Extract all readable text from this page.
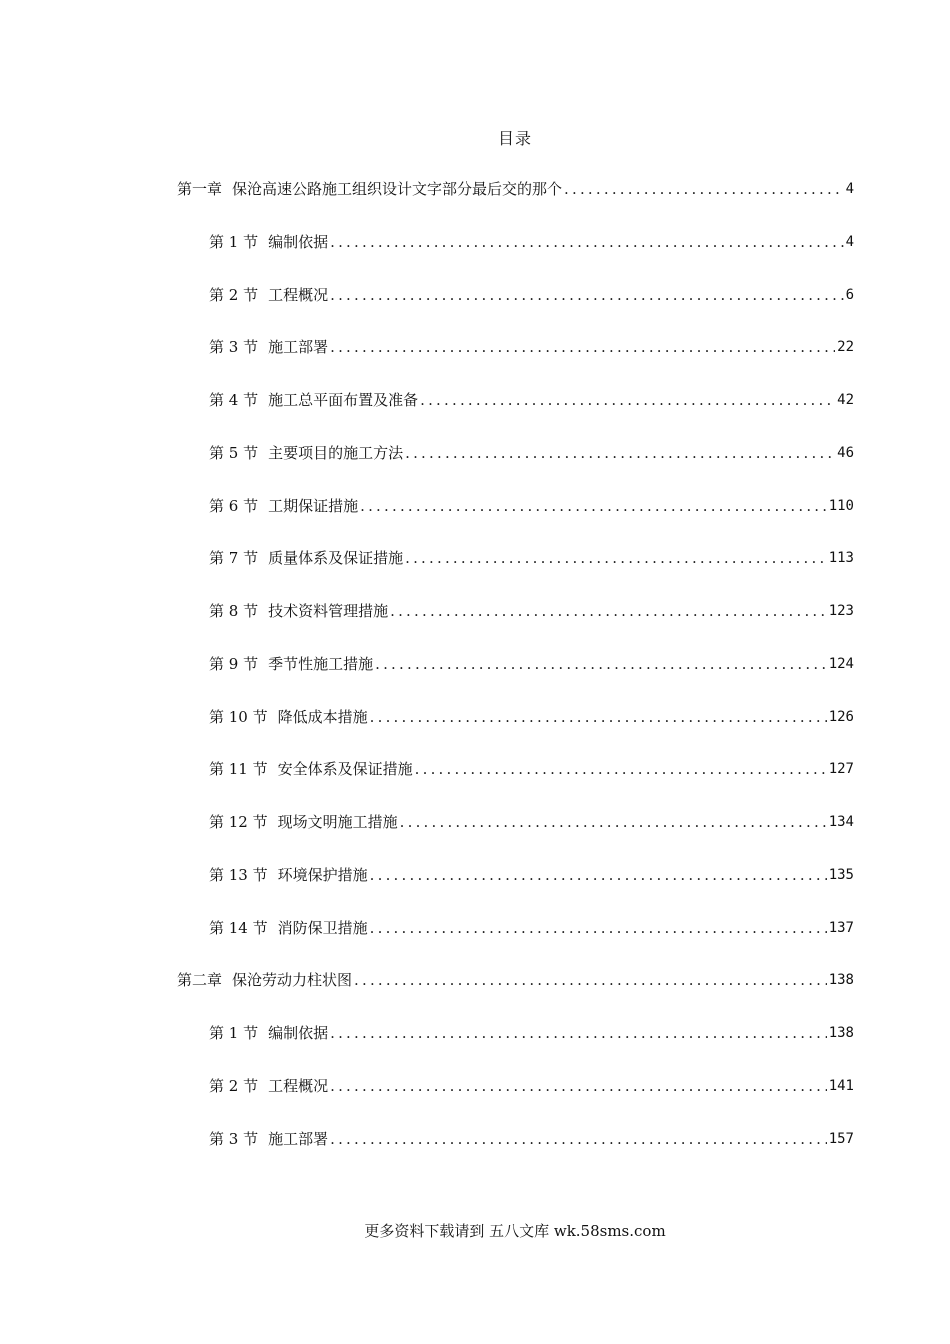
目录
第一章 保沧高速公路施工组织设计文字部分最后交的那个 .....	4
第 1 节 编制依据 .....	4
第 2 节 工程概况 .....	6
第 3 节 施工部署 .....	22
第 4 节 施工总平面布置及准备 .....	42
第 5 节 主要项目的施工方法 .....	46
第 6 节 工期保证措施 .....	110
第 7 节 质量体系及保证措施 .....	113
第 8 节 技术资料管理措施 .....	123
第 9 节 季节性施工措施 .....	124
第 10 节 降低成本措施 .....	126
第 11 节 安全体系及保证措施 .....	127
第 12 节 现场文明施工措施 .....	134
第 13 节 环境保护措施 .....	135
第 14 节 消防保卫措施 .....	137
第二章 保沧劳动力柱状图 .....	138
第 1 节 编制依据 .....	138
第 2 节 工程概况 .....	141
第 3 节 施工部署 .....	157
更多资料下载请到 五八文库 wk.58sms.com
